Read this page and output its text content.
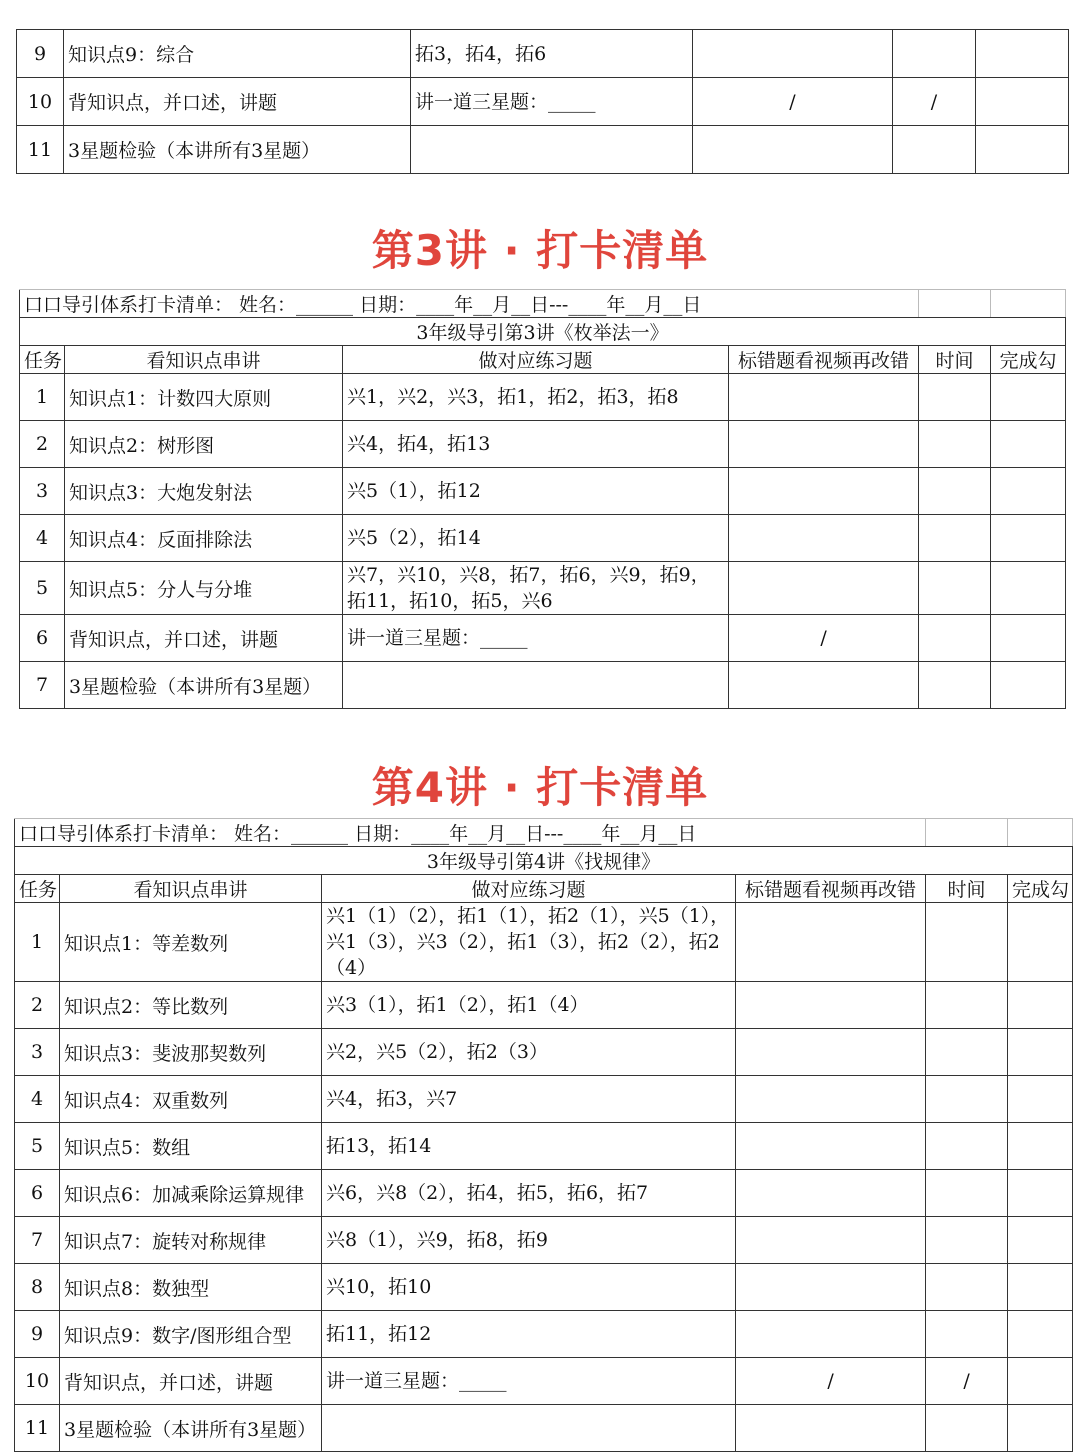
9	知识点9：综合	拓3，拓4，拓6			
10	背知识点，并口述，讲题	讲一道三星题：_____	/	/	
11	3星题检验（本讲所有3星题）				
第3讲 · 打卡清单
口口导引体系打卡清单： 姓名：______ 日期：____年__月__日---____年__月__日					
3年级导引第3讲《枚举法一》					
任务	看知识点串讲	做对应练习题	标错题看视频再改错	时间	完成勾
1	知识点1：计数四大原则	兴1，兴2，兴3，拓1，拓2，拓3，拓8			
2	知识点2：树形图	兴4，拓4，拓13			
3	知识点3：大炮发射法	兴5（1），拓12			
4	知识点4：反面排除法	兴5（2），拓14			
5	知识点5：分人与分堆	兴7，兴10，兴8，拓7，拓6，兴9，拓9，拓11，拓10，拓5，兴6			
6	背知识点，并口述，讲题	讲一道三星题：_____	/		
7	3星题检验（本讲所有3星题）				
第4讲 · 打卡清单
口口导引体系打卡清单： 姓名：______ 日期：____年__月__日---____年__月__日					
3年级导引第4讲《找规律》					
任务	看知识点串讲	做对应练习题	标错题看视频再改错	时间	完成勾
1	知识点1：等差数列	兴1（1）（2），拓1（1），拓2（1），兴5（1），兴1（3），兴3（2），拓1（3），拓2（2），拓2（4）			
2	知识点2：等比数列	兴3（1），拓1（2），拓1（4）			
3	知识点3：斐波那契数列	兴2，兴5（2），拓2（3）			
4	知识点4：双重数列	兴4，拓3，兴7			
5	知识点5：数组	拓13，拓14			
6	知识点6：加减乘除运算规律	兴6，兴8（2），拓4，拓5，拓6，拓7			
7	知识点7：旋转对称规律	兴8（1），兴9，拓8，拓9			
8	知识点8：数独型	兴10，拓10			
9	知识点9：数字/图形组合型	拓11，拓12			
10	背知识点，并口述，讲题	讲一道三星题：_____	/	/	
11	3星题检验（本讲所有3星题）				
